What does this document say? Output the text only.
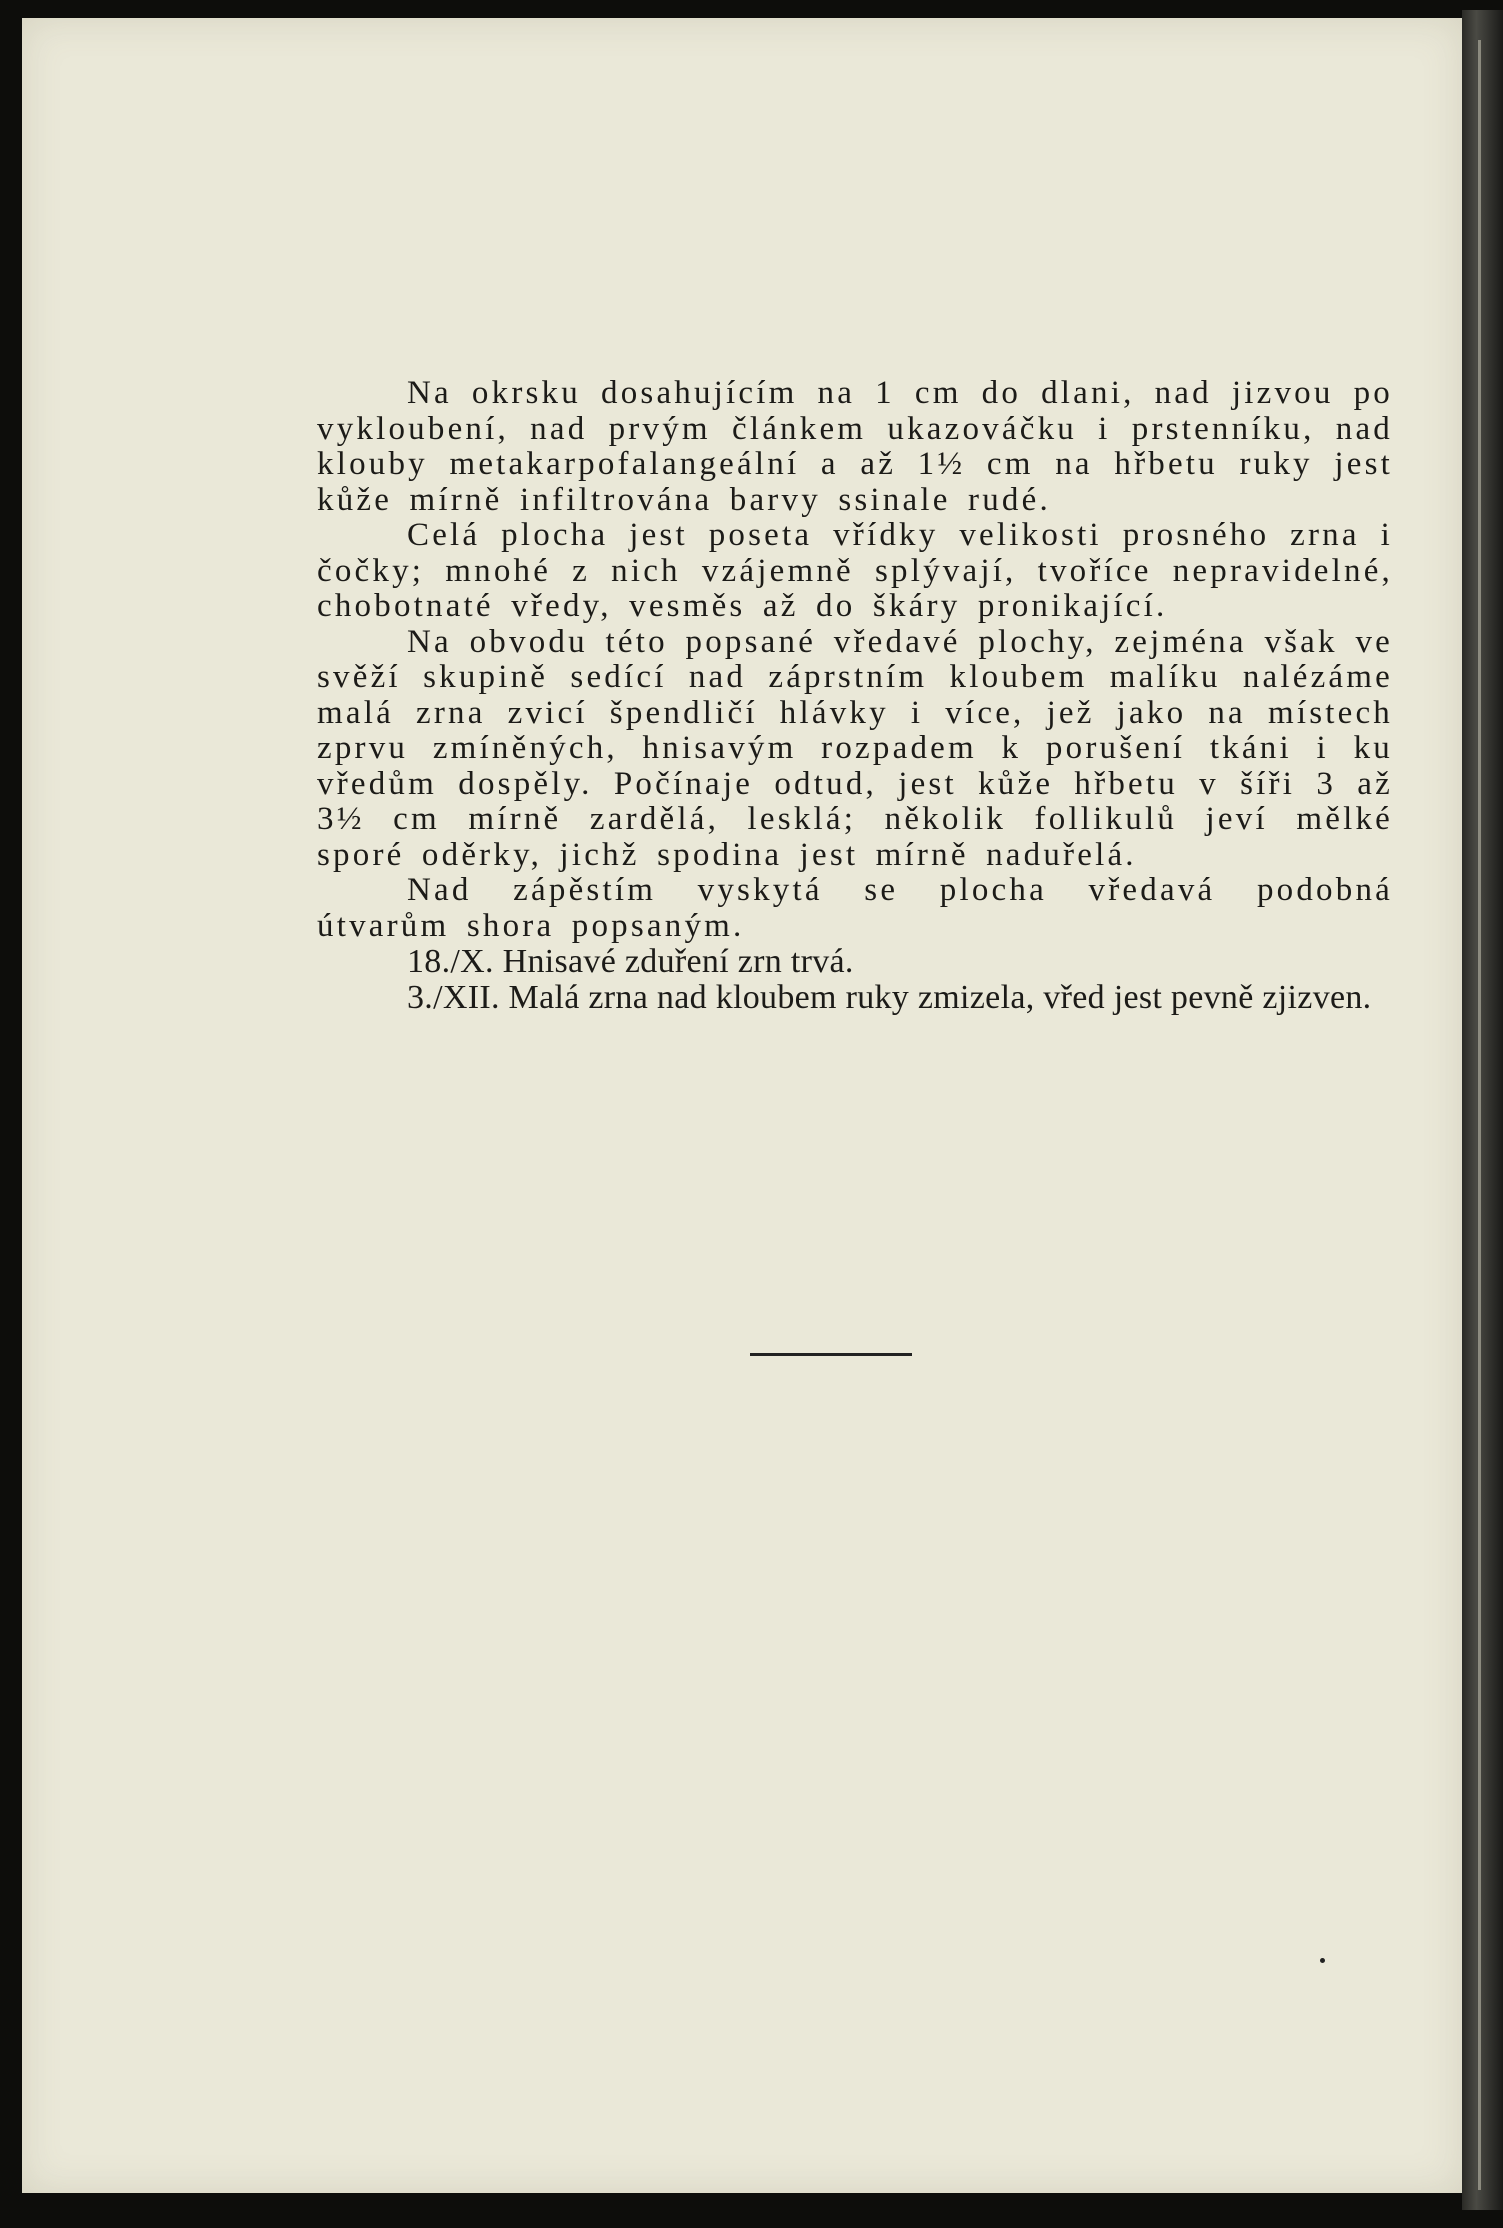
Na okrsku dosahujícím na 1 cm do dlani, nad jizvou po vykloubení, nad prvým článkem ukazováčku i prstenníku, nad klouby metakarpofalangeální a až 1½ cm na hřbetu ruky jest kůže mírně infiltrována barvy ssinale rudé.

Celá plocha jest poseta vřídky velikosti prosného zrna i čočky; mnohé z nich vzájemně splývají, tvoříce nepravidelné, chobotnaté vředy, vesměs až do škáry pronikající.

Na obvodu této popsané vředavé plochy, zejména však ve svěží skupině sedící nad záprstním kloubem malíku nalézáme malá zrna zvicí špendličí hlávky i více, jež jako na místech zprvu zmíněných, hnisavým rozpadem k porušení tkáni i ku vředům dospěly. Počínaje odtud, jest kůže hřbetu v šíři 3 až 3½ cm mírně zardělá, lesklá; několik follikulů jeví mělké sporé oděrky, jichž spodina jest mírně naduřelá.

Nad zápěstím vyskytá se plocha vředavá podobná útvarům shora popsaným.

18./X. Hnisavé zduření zrn trvá.

3./XII. Malá zrna nad kloubem ruky zmizela, vřed jest pevně zjizven.
